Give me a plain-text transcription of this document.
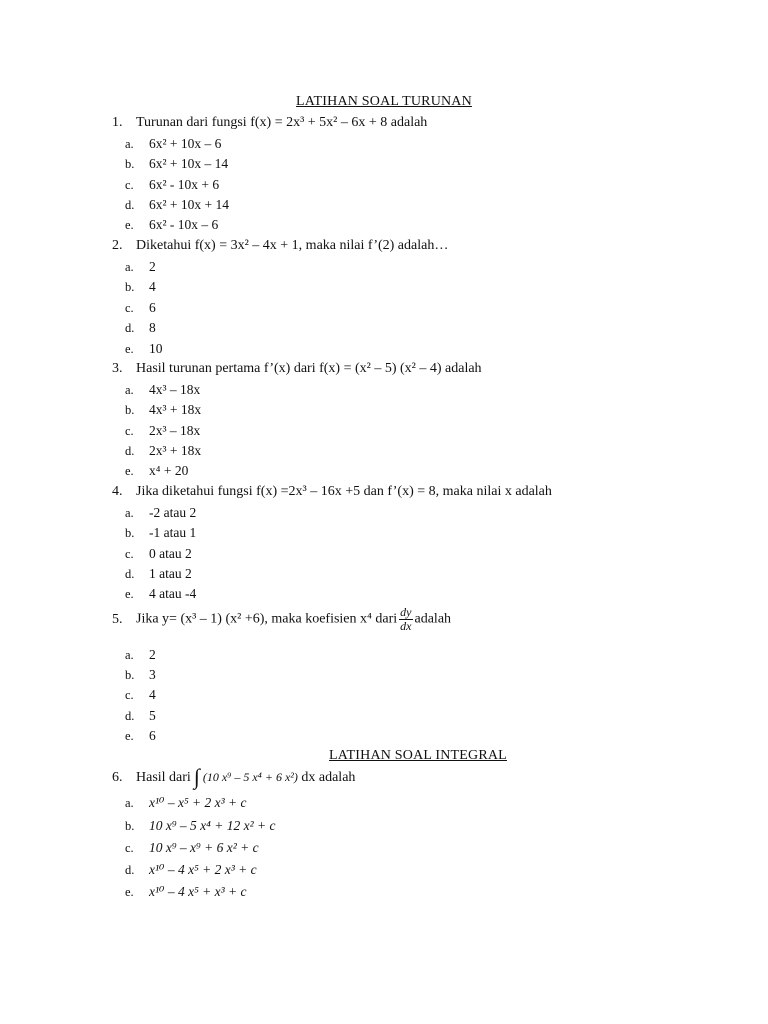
LATIHAN SOAL TURUNAN
1. Turunan dari fungsi f(x) = 2x³ + 5x² – 6x + 8 adalah
a. 6x² + 10x – 6
b. 6x² + 10x – 14
c. 6x² - 10x + 6
d. 6x² + 10x + 14
e. 6x² - 10x – 6
2. Diketahui f(x) = 3x² – 4x + 1, maka nilai f’(2) adalah…
a. 2
b. 4
c. 6
d. 8
e. 10
3. Hasil turunan pertama f’(x) dari f(x) = (x² – 5) (x² – 4) adalah
a. 4x³ – 18x
b. 4x³ + 18x
c. 2x³ – 18x
d. 2x³ + 18x
e. x⁴ + 20
4. Jika diketahui fungsi f(x) =2x³ – 16x +5 dan f’(x) = 8, maka nilai x adalah
a. -2 atau 2
b. -1 atau 1
c. 0 atau 2
d. 1 atau 2
e. 4 atau -4
5. Jika y= (x³ – 1) (x² +6), maka koefisien x⁴ dari $\frac{dy}{dx}$ adalah
a. 2
b. 3
c. 4
d. 5
e. 6
LATIHAN SOAL INTEGRAL
6. Hasil dari ∫ (10 x⁹ – 5 x⁴ + 6 x²) dx adalah
a. x¹⁰ – x⁵ + 2 x³ + c
b. 10 x⁹ – 5 x⁴ + 12 x² + c
c. 10 x⁹ – x⁹ + 6 x² + c
d. x¹⁰ – 4 x⁵ + 2 x³ + c
e. x¹⁰ – 4 x⁵ + x³ + c
